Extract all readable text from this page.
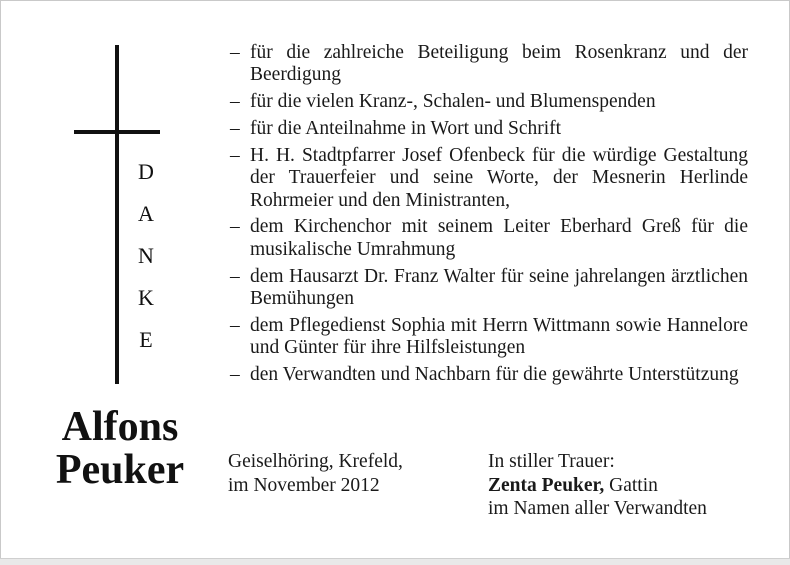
D
A
N
K
E
Alfons
Peuker
– für die zahlreiche Beteiligung beim Rosenkranz und der Beerdigung
– für die vielen Kranz-, Schalen- und Blumenspenden
– für die Anteilnahme in Wort und Schrift
– H. H. Stadtpfarrer Josef Ofenbeck für die würdige Gestaltung der Trauerfeier und seine Worte, der Mesnerin Herlinde Rohrmeier und den Ministranten,
– dem Kirchenchor mit seinem Leiter Eberhard Greß für die musikalische Umrahmung
– dem Hausarzt Dr. Franz Walter für seine jahrelangen ärztlichen Bemühungen
– dem Pflegedienst Sophia mit Herrn Wittmann sowie Hannelore und Günter für ihre Hilfsleistungen
– den Verwandten und Nachbarn für die gewährte Unterstützung
Geiselhöring, Krefeld,
im November 2012
In stiller Trauer:
Zenta Peuker, Gattin
im Namen aller Verwandten
